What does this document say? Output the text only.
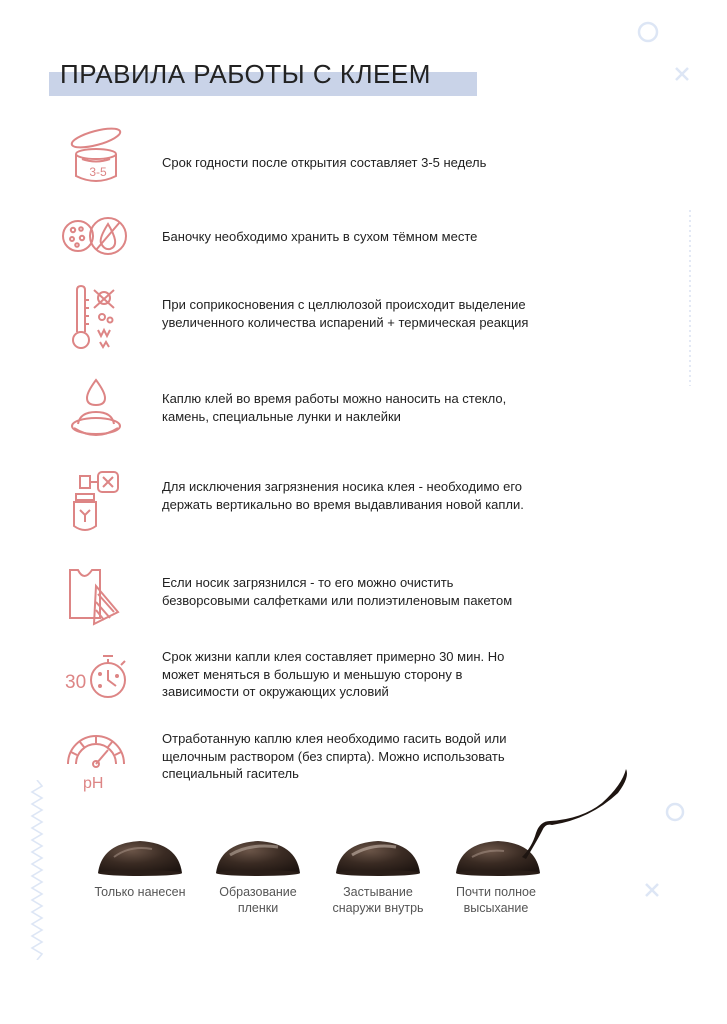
ПРАВИЛА РАБОТЫ С КЛЕЕМ
3-5
Срок годности после открытия составляет 3-5 недель
Баночку необходимо хранить в сухом тёмном месте
При соприкосновения с целлюлозой происходит выделение увеличенного количества испарений + термическая реакция
Каплю клей во время работы можно наносить на стекло, камень, специальные лунки и наклейки
Для исключения загрязнения носика клея - необходимо его держать вертикально во время выдавливания новой капли.
Если носик загрязнился - то его можно очистить безворсовыми салфетками или полиэтиленовым пакетом
30
Срок жизни капли клея составляет примерно 30 мин. Но может меняться в большую и меньшую сторону в зависимости от окружающих условий
pH
Отработанную каплю клея необходимо гасить водой или щелочным раствором (без спирта). Можно использовать специальный гаситель
Только нанесен	Образование пленки
Застывание снаружи внутрь
Почти полное высыхание
